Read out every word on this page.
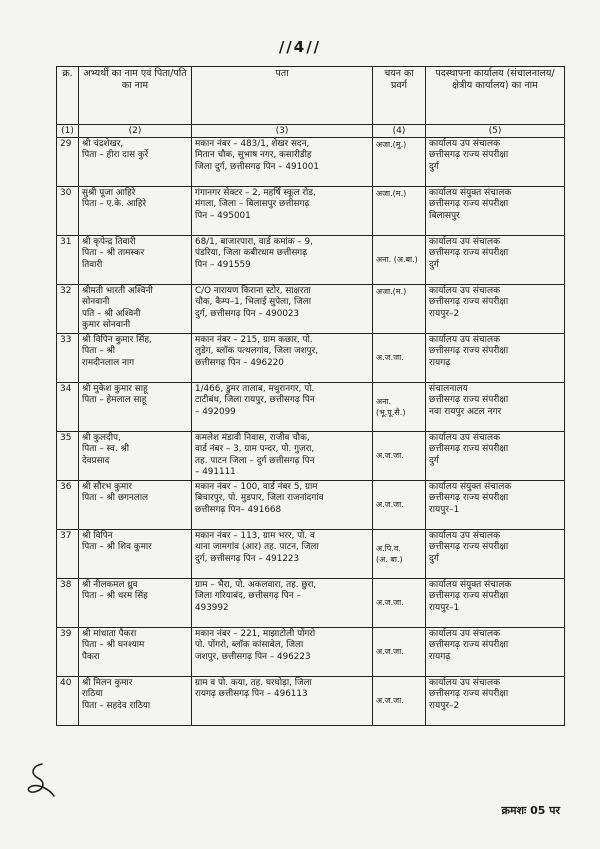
//4//
क्र.	अभ्यर्थी का नाम एवं पिता/पति का नाम	पता	चयन का प्रवर्ग	पदस्थापना कार्यालय (संचालनालय/क्षेत्रीय कार्यालय) का नाम
(1)	(2)	(3)	(4)	(5)
29	श्री चंद्रशेखर,
पिता – हीरा दास कुर्रे	मकान नंबर – 483/1, शेखर सदन,
मितान चौक, सुभाष नगर, कसारीडीह
जिला दुर्ग, छत्तीसगढ़ पिन – 491001	अजा.(मु.)	कार्यालय उप संचालक
छत्तीसगढ़ राज्य संपरीक्षा
दुर्ग

30	सुश्री पूजा आहिरे
पिता – ए.के. आहिरे	गंगानगर सेक्टर – 2, महर्षि स्कूल रोड,
मंगला, जिला – बिलासपुर छत्तीसगढ़
पिन – 495001	अजा.(म.)	कार्यालय संयुक्त संचालक
छत्तीसगढ़ राज्य संपरीक्षा
बिलासपुर

31	श्री कृपेन्द्र तिवारी
पिता – श्री तामस्कर
तिवारी	68/1, बाजारपारा, वार्ड कमांक – 9,
पंडरिया, जिला कबीरधाम छत्तीसगढ़
पिन – 491559	अना. (अ.बा.)	कार्यालय उप संचालक
छत्तीसगढ़ राज्य संपरीक्षा
दुर्ग

32	श्रीमती भारती अश्विनी
सोनवानी
पति – श्री अश्विनी
कुमार सोनवानी	C/O नारायण किराना स्टोर, साक्षरता
चौक, कैम्प–1, भिलाई सुपेला, जिला
दुर्ग, छत्तीसगढ़ पिन – 490023	अजा.(म.)	कार्यालय उप संचालक
छत्तीसगढ़ राज्य संपरीक्षा
रायपुर–2

33	श्री विपिन कुमार सिंह,
पिता – श्री
रामदीनलाल नाग	मकान नंबर – 215, ग्राम कछार, पो.
लुडेग, ब्लॉक पत्थलगांव, जिला जशपुर,
छत्तीसगढ़ पिन – 496220	अ.ज.जा.	कार्यालय उप संचालक
छत्तीसगढ़ राज्य संपरीक्षा
रायगढ़

34	श्री मुकेश कुमार साहू
पिता – हेमलाल साहू	1/466, डुमर तालाब, मथुरानगर, पो.
टाटीबंध, जिला रायपुर, छत्तीसगढ़ पिन
– 492099	अना.
(भू.पू.सै.)	संचालनालय
छत्तीसगढ़ राज्य संपरीक्षा
नवा रायपुर अटल नगर

35	श्री कुलदीप,
पिता – स्व. श्री
देवप्रसाद	कमलेश मंडावी निवास, राजीव चौक,
वार्ड नंबर – 3, ग्राम पन्दर, पो. गुजरा,
तह. पाटन जिला – दुर्ग छत्तीसगढ़ पिन
– 491111	अ.ज.जा.	कार्यालय उप संचालक
छत्तीसगढ़ राज्य संपरीक्षा
दुर्ग

36	श्री सौरभ कुमार
पिता – श्री छगनलाल	मकान नंबर – 100, वार्ड नंबर 5, ग्राम
बिचारपुर, पो. मुडपार, जिला राजनांदगांव
छत्तीसगढ़ पिन– 491668	अ.ज.जा.	कार्यालय संयुक्त संचालक
छत्तीसगढ़ राज्य संपरीक्षा
रायपुर–1

37	श्री विपिन
पिता – श्री शिव कुमार	मकान नंबर – 113, ग्राम भरर, पो. व
थाना जामगांव (आर) तह. पाटन, जिला
दुर्ग, छत्तीसगढ़ पिन – 491223	अ.पि.व.
(अ. बा.)	कार्यालय उप संचालक
छत्तीसगढ़ राज्य संपरीक्षा
दुर्ग

38	श्री नीलकमल ध्रुव
पिता – श्री धरम सिंह	ग्राम – भैरा, पो. अकलवारा, तह. छुरा,
जिला गरियाबंद, छत्तीसगढ़ पिन –
493992	अ.ज.जा.	कार्यालय संयुक्त संचालक
छत्तीसगढ़ राज्य संपरीक्षा
रायपुर–1

39	श्री मांधाता पैकरा
पिता – श्री घनश्याम
पैकरा	मकान नंबर – 221, माझाटोली पोंगरो
पो. पोंगरो, ब्लॉक कांसाबेल, जिला
जशपुर, छत्तीसगढ़ पिन – 496223	अ.ज.जा.	कार्यालय उप संचालक
छत्तीसगढ़ राज्य संपरीक्षा
रायगढ़

40	श्री मिलन कुमार
राठिया
पिता – सहदेव राठिया	ग्राम व पो. कया, तह. घरघोड़ा, जिला
रायगढ़ छत्तीसगढ़ पिन – 496113	अ.ज.जा.	कार्यालय उप संचालक
छत्तीसगढ़ राज्य संपरीक्षा
रायपुर–2
क्रमशः 05 पर
